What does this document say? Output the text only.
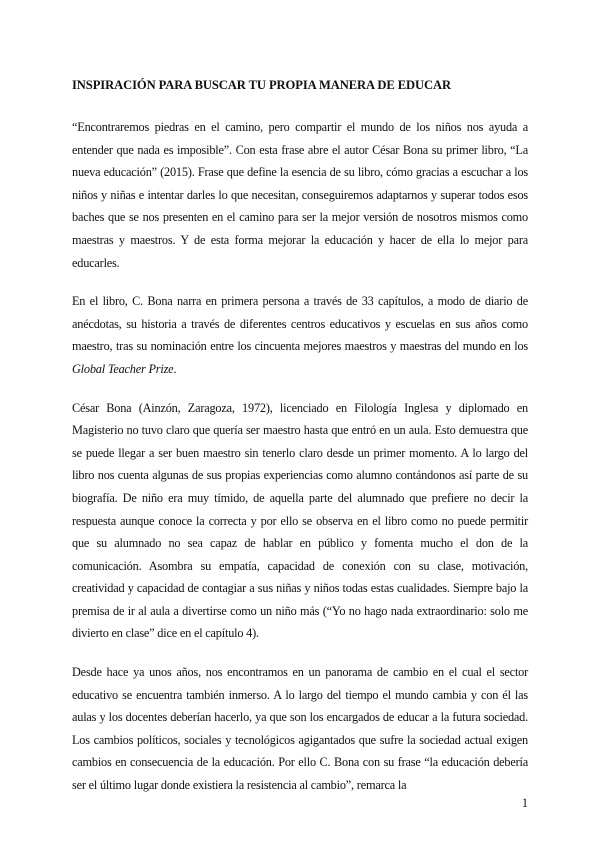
INSPIRACIÓN PARA BUSCAR TU PROPIA MANERA DE EDUCAR

“Encontraremos piedras en el camino, pero compartir el mundo de los niños nos ayuda a entender que nada es imposible”. Con esta frase abre el autor César Bona su primer libro, “La nueva educación” (2015). Frase que define la esencia de su libro, cómo gracias a escuchar a los niños y niñas e intentar darles lo que necesitan, conseguiremos adaptarnos y superar todos esos baches que se nos presenten en el camino para ser la mejor versión de nosotros mismos como maestras y maestros. Y de esta forma mejorar la educación y hacer de ella lo mejor para educarles.

En el libro, C. Bona narra en primera persona a través de 33 capítulos, a modo de diario de anécdotas, su historia a través de diferentes centros educativos y escuelas en sus años como maestro, tras su nominación entre los cincuenta mejores maestros y maestras del mundo en los Global Teacher Prize.

César Bona (Ainzón, Zaragoza, 1972), licenciado en Filología Inglesa y diplomado en Magisterio no tuvo claro que quería ser maestro hasta que entró en un aula. Esto demuestra que se puede llegar a ser buen maestro sin tenerlo claro desde un primer momento. A lo largo del libro nos cuenta algunas de sus propias experiencias como alumno contándonos así parte de su biografía. De niño era muy tímido, de aquella parte del alumnado que prefiere no decir la respuesta aunque conoce la correcta y por ello se observa en el libro como no puede permitir que su alumnado no sea capaz de hablar en público y fomenta mucho el don de la comunicación. Asombra su empatía, capacidad de conexión con su clase, motivación, creatividad y capacidad de contagiar a sus niñas y niños todas estas cualidades. Siempre bajo la premisa de ir al aula a divertirse como un niño más (“Yo no hago nada extraordinario: solo me divierto en clase” dice en el capítulo 4).

Desde hace ya unos años, nos encontramos en un panorama de cambio en el cual el sector educativo se encuentra también inmerso. A lo largo del tiempo el mundo cambia y con él las aulas y los docentes deberían hacerlo, ya que son los encargados de educar a la futura sociedad. Los cambios políticos, sociales y tecnológicos agigantados que sufre la sociedad actual exigen cambios en consecuencia de la educación. Por ello C. Bona con su frase “la educación debería ser el último lugar donde existiera la resistencia al cambio”, remarca la

1
